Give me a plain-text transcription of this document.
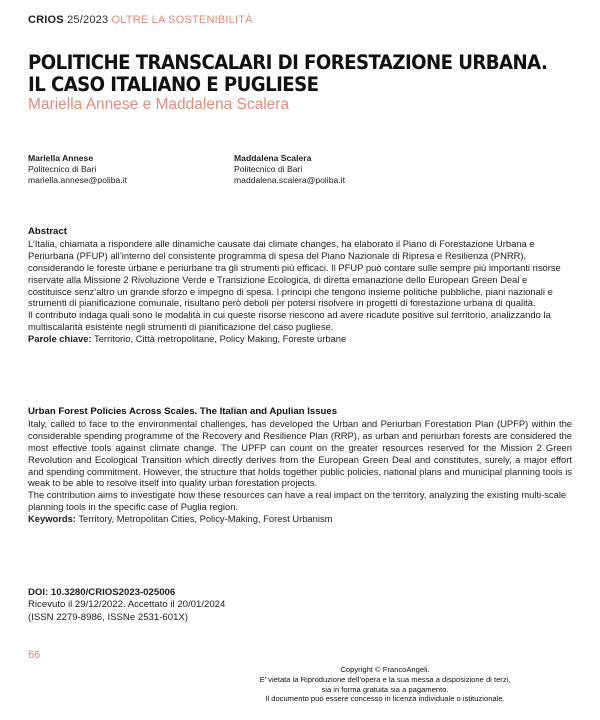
CRIOS 25/2023 OLTRE LA SOSTENIBILITÀ
POLITICHE TRANSCALARI DI FORESTAZIONE URBANA.
IL CASO ITALIANO E PUGLIESE
Mariella Annese e Maddalena Scalera
Mariella Annese
Politecnico di Bari
mariella.annese@poliba.it
Maddalena Scalera
Politecnico di Bari
maddalena.scalera@poliba.it
Abstract

L’Italia, chiamata a rispondere alle dinamiche causate dai climate changes, ha elaborato il Piano di Forestazione Urbana e Periurbana (PFUP) all’interno del consistente programma di spesa del Piano Nazionale di Ripresa e Resilienza (PNRR), considerando le foreste urbane e periurbane tra gli strumenti più efficaci. Il PFUP può contare sulle sempre più importanti risorse riservate alla Missione 2 Rivoluzione Verde e Transizione Ecologica, di diretta emanazione dello European Green Deal e costituisce senz’altro un grande sforzo e impegno di spesa. I principi che tengono insieme politiche pubbliche, piani nazionali e strumenti di pianificazione comunale, risultano però deboli per potersi risolvere in progetti di forestazione urbana di qualità.

Il contributo indaga quali sono le modalità in cui queste risorse riescono ad avere ricadute positive sul territorio, analizzando la multiscalarità esistente negli strumenti di pianificazione del caso pugliese.

Parole chiave: Territorio, Città metropolitane, Policy Making, Foreste urbane

Urban Forest Policies Across Scales. The Italian and Apulian Issues

Italy, called to face to the environmental challenges, has developed the Urban and Periurban Forestation Plan (UPFP) within the considerable spending programme of the Recovery and Resilience Plan (RRP), as urban and periurban forests are considered the most effective tools against climate change. The UPFP can count on the greater resources reserved for the Mission 2 Green Revolution and Ecological Transition which directly derives from the European Green Deal and constitutes, surely, a major effort and spending commitment. However, the structure that holds together public policies, national plans and municipal planning tools is weak to be able to resolve itself into quality urban forestation projects.

The contribution aims to investigate how these resources can have a real impact on the territory, analyzing the existing multi-scale planning tools in the specific case of Puglia region.

Keywords: Territory, Metropolitan Cities, Policy-Making, Forest Urbanism

DOI: 10.3280/CRIOS2023-025006
Ricevuto il 29/12/2022. Accettato il 20/01/2024
(ISSN 2279-8986, ISSNe 2531-601X)
66
Copyright © FrancoAngeli.
E’ vietata la Riproduzione dell’opera e la sua messa a disposizione di terzi,
sia in forma gratuita sia a pagamento.
Il documento può essere concesso in licenza individuale o istituzionale.
